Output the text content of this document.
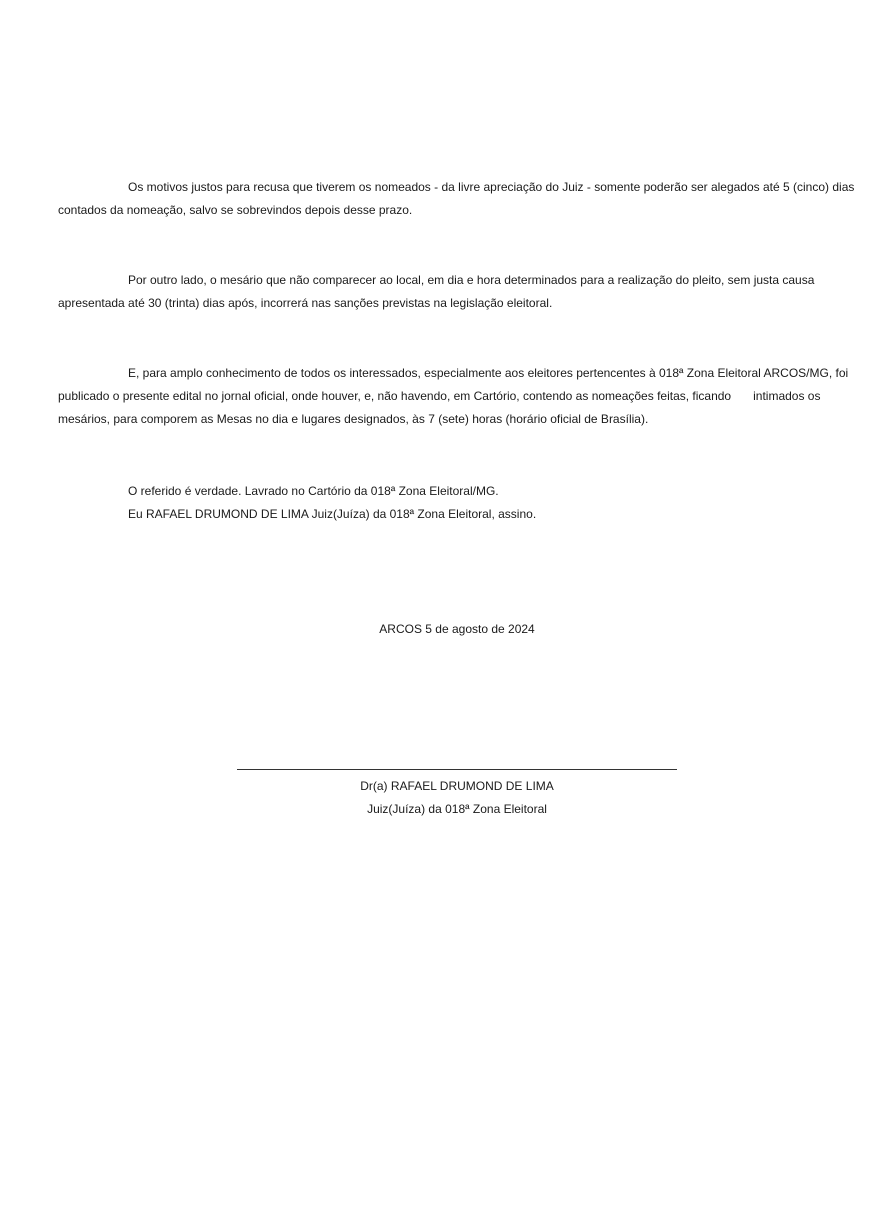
Os motivos justos para recusa que tiverem os nomeados - da livre apreciação do Juiz - somente poderão ser alegados até 5 (cinco) dias
contados da nomeação, salvo se sobrevindos depois desse prazo.

Por outro lado, o mesário que não comparecer ao local, em dia e hora determinados para a realização do pleito, sem justa causa
apresentada até 30 (trinta) dias após, incorrerá nas sanções previstas na legislação eleitoral.

E, para amplo conhecimento de todos os interessados, especialmente aos eleitores pertencentes à 018ª Zona Eleitoral ARCOS/MG, foi
publicado o presente edital no jornal oficial, onde houver, e, não havendo, em Cartório, contendo as nomeações feitas, ficando intimados os
mesários, para comporem as Mesas no dia e lugares designados, às 7 (sete) horas (horário oficial de Brasília).

O referido é verdade. Lavrado no Cartório da 018ª Zona Eleitoral/MG.
Eu RAFAEL DRUMOND DE LIMA Juiz(Juíza) da 018ª Zona Eleitoral, assino.

ARCOS 5 de agosto de 2024
Dr(a) RAFAEL DRUMOND DE LIMA
Juiz(Juíza) da 018ª Zona Eleitoral
